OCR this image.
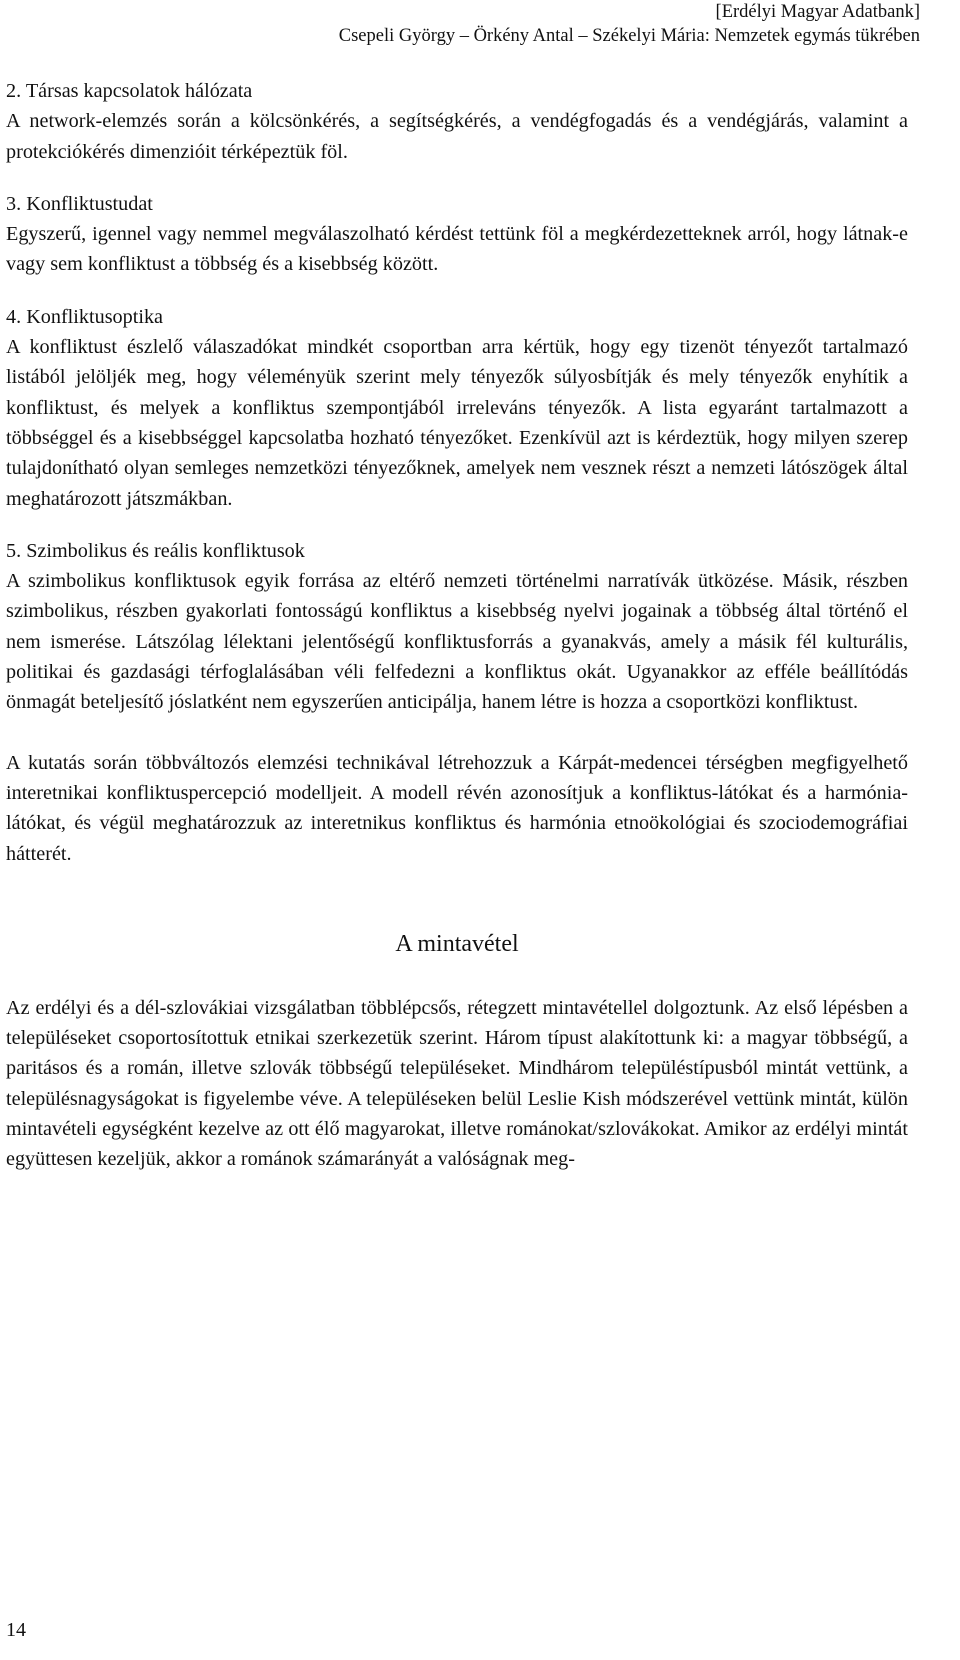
[Erdélyi Magyar Adatbank]
Csepeli György – Örkény Antal – Székelyi Mária: Nemzetek egymás tükrében
2. Társas kapcsolatok hálózata
A network-elemzés során a kölcsönkérés, a segítségkérés, a vendégfogadás és a vendégjárás, valamint a protekciókérés dimenzióit térképeztük föl.
3. Konfliktustudat
Egyszerű, igennel vagy nemmel megválaszolható kérdést tettünk föl a megkérdezetteknek arról, hogy látnak-e vagy sem konfliktust a többség és a kisebbség között.
4. Konfliktusoptika
A konfliktust észlelő válaszadókat mindkét csoportban arra kértük, hogy egy tizenöt tényezőt tartalmazó listából jelöljék meg, hogy véleményük szerint mely tényezők súlyosbítják és mely tényezők enyhítik a konfliktust, és melyek a konfliktus szempontjából irreleváns tényezők. A lista egyaránt tartalmazott a többséggel és a kisebbséggel kapcsolatba hozható tényezőket. Ezenkívül azt is kérdeztük, hogy milyen szerep tulajdonítható olyan semleges nemzetközi tényezőknek, amelyek nem vesznek részt a nemzeti látószögek által meghatározott játszmákban.
5. Szimbolikus és reális konfliktusok
A szimbolikus konfliktusok egyik forrása az eltérő nemzeti történelmi narratívák ütközése. Másik, részben szimbolikus, részben gyakorlati fontosságú konfliktus a kisebbség nyelvi jogainak a többség által történő el nem ismerése. Látszólag lélektani jelentőségű konfliktusforrás a gyanakvás, amely a másik fél kulturális, politikai és gazdasági térfoglalásában véli felfedezni a konfliktus okát. Ugyanakkor az efféle beállítódás önmagát beteljesítő jóslatként nem egyszerűen anticipálja, hanem létre is hozza a csoportközi konfliktust.
A kutatás során többváltozós elemzési technikával létrehozzuk a Kárpát-medencei térségben megfigyelhető interetnikai konfliktuspercepció modelljeit. A modell révén azonosítjuk a konfliktus-látókat és a harmónia-látókat, és végül meghatározzuk az interetnikus konfliktus és harmónia etnoökológiai és szociodemográfiai hátterét.
A mintavétel
Az erdélyi és a dél-szlovákiai vizsgálatban többlépcsős, rétegzett mintavétellel dolgoztunk. Az első lépésben a településeket csoportosítottuk etnikai szerkezetük szerint. Három típust alakítottunk ki: a magyar többségű, a paritásos és a román, illetve szlovák többségű településeket. Mindhárom településtípusból mintát vettünk, a településnagyságokat is figyelembe véve. A településeken belül Leslie Kish módszerével vettünk mintát, külön mintavételi egységként kezelve az ott élő magyarokat, illetve románokat/szlovákokat. Amikor az erdélyi mintát együttesen kezeljük, akkor a románok számarányát a valóságnak meg-
14
